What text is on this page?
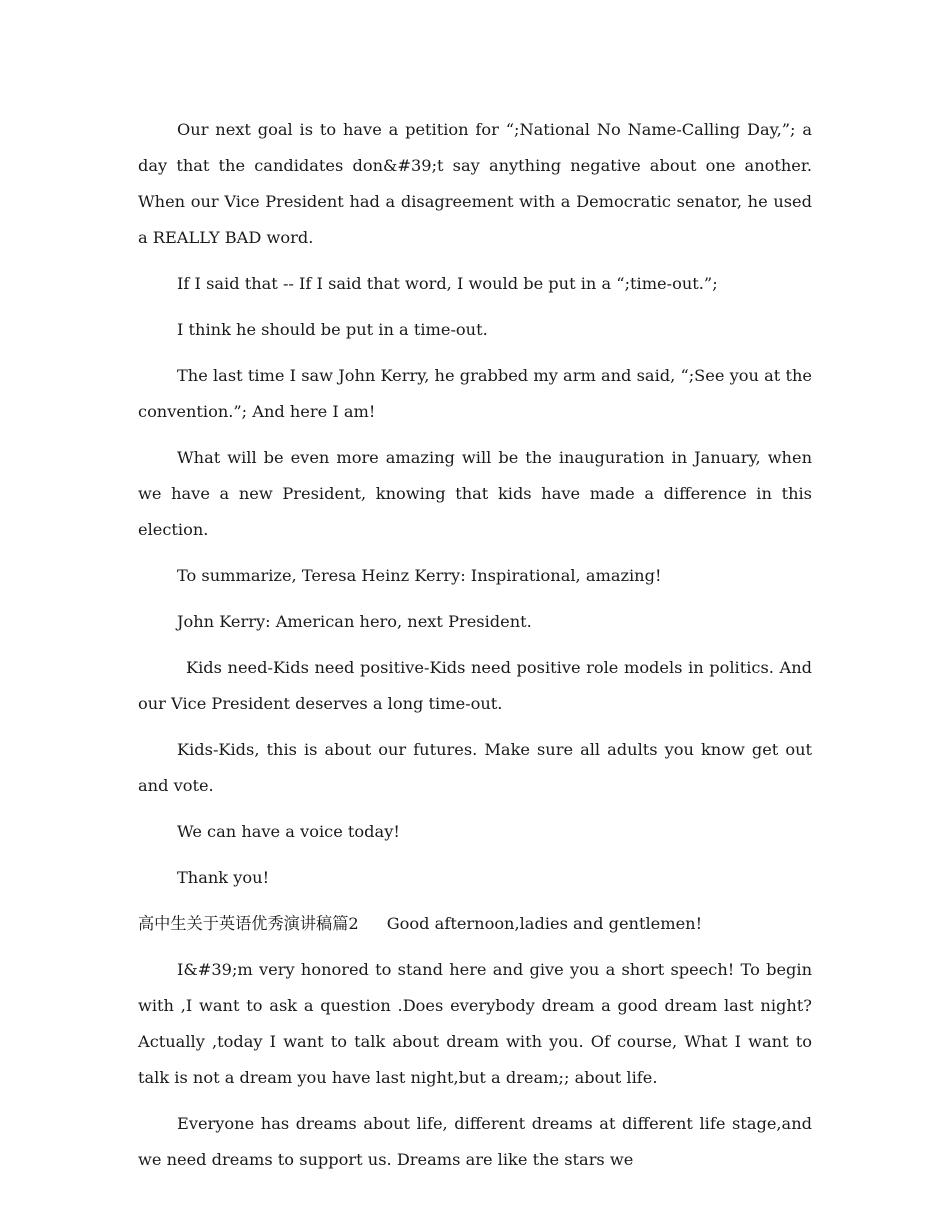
Our next goal is to have a petition for “;National No Name-Calling Day,”; a day that the candidates don&#39;t say anything negative about one another. When our Vice President had a disagreement with a Democratic senator, he used a REALLY BAD word.

If I said that -- If I said that word, I would be put in a “;time-out.”;

I think he should be put in a time-out.

The last time I saw John Kerry, he grabbed my arm and said, “;See you at the convention.”; And here I am!

What will be even more amazing will be the inauguration in January, when we have a new President, knowing that kids have made a difference in this election.

To summarize, Teresa Heinz Kerry: Inspirational, amazing!

John Kerry: American hero, next President.

Kids need-Kids need positive-Kids need positive role models in politics. And our Vice President deserves a long time-out.

Kids-Kids, this is about our futures. Make sure all adults you know get out and vote.

We can have a voice today!

Thank you!

高中生关于英语优秀演讲稿篇2 Good afternoon,ladies and gentlemen!

I&#39;m very honored to stand here and give you a short speech! To begin with ,I want to ask a question .Does everybody dream a good dream last night? Actually ,today I want to talk about dream with you. Of course, What I want to talk is not a dream you have last night,but a dream;; about life.

Everyone has dreams about life, different dreams at different life stage,and we need dreams to support us. Dreams are like the stars we
